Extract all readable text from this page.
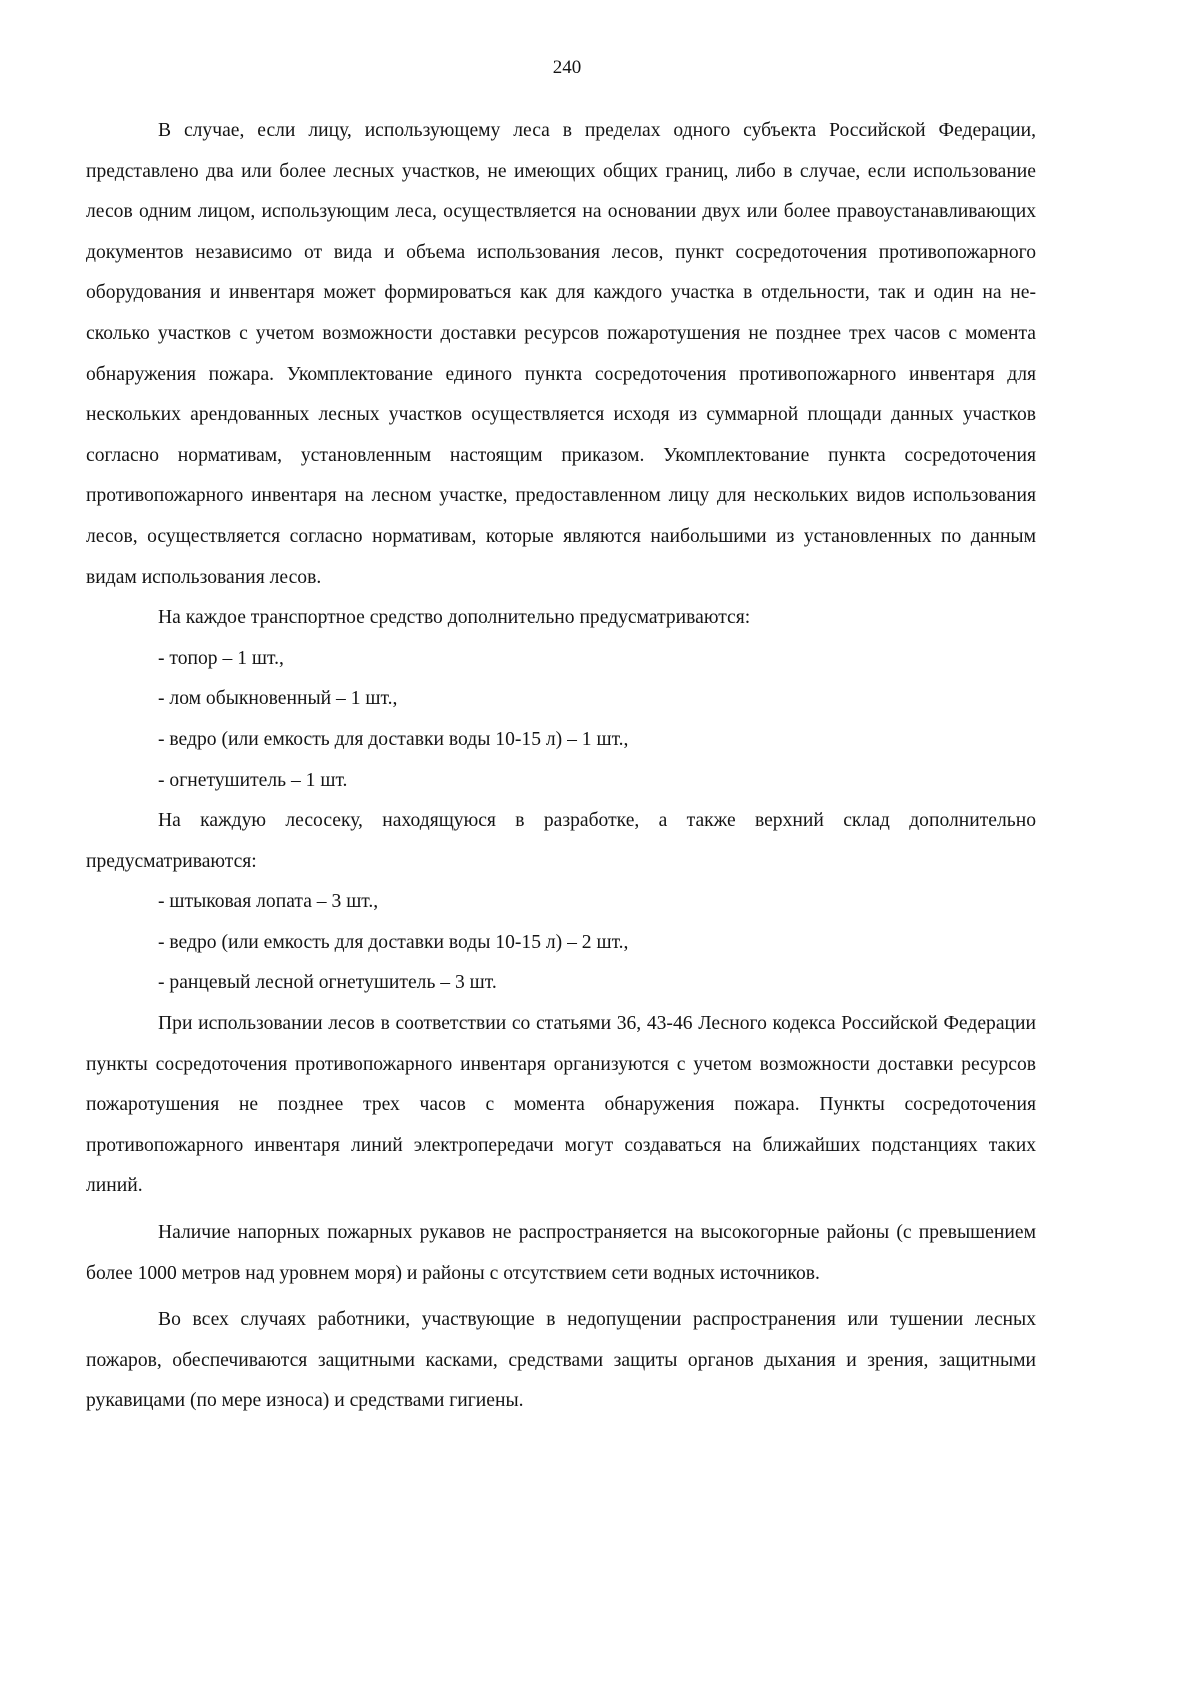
240

В случае, если лицу, использующему леса в пределах одного субъекта Российской Федерации, представлено два или более лесных участков, не имеющих общих границ, либо в случае, если использование лесов одним лицом, использующим леса, осуществляется на основании двух или более правоустанавливающих документов независимо от вида и объема использования лесов, пункт сосредоточения противопожарного оборудования и инвентаря может формироваться как для каждого участка в отдельности, так и один на несколько участков с учетом возможности доставки ресурсов пожаротушения не позднее трех часов с момента обнаружения пожара. Укомплектование единого пункта сосредоточения противопожарного инвентаря для нескольких арендованных лесных участков осуществляется исходя из суммарной площади данных участков согласно нормативам, установленным настоящим приказом. Укомплектование пункта сосредоточения противопожарного инвентаря на лесном участке, предоставленном лицу для нескольких видов использования лесов, осуществляется согласно нормативам, которые являются наибольшими из установленных по данным видам использования лесов.

На каждое транспортное средство дополнительно предусматриваются:

- топор – 1 шт.,

- лом обыкновенный – 1 шт.,

- ведро (или емкость для доставки воды 10-15 л) – 1 шт.,

- огнетушитель – 1 шт.

На каждую лесосеку, находящуюся в разработке, а также верхний склад дополнительно предусматриваются:

- штыковая лопата – 3 шт.,

- ведро (или емкость для доставки воды 10-15 л) – 2 шт.,

- ранцевый лесной огнетушитель – 3 шт.

При использовании лесов в соответствии со статьями 36, 43-46 Лесного кодекса Российской Федерации пункты сосредоточения противопожарного инвентаря организуются с учетом возможности доставки ресурсов пожаротушения не позднее трех часов с момента обнаружения пожара. Пункты сосредоточения противопожарного инвентаря линий электропередачи могут создаваться на ближайших подстанциях таких линий.

Наличие напорных пожарных рукавов не распространяется на высокогорные районы (с превышением более 1000 метров над уровнем моря) и районы с отсутствием сети водных источников.

Во всех случаях работники, участвующие в недопущении распространения или тушении лесных пожаров, обеспечиваются защитными касками, средствами защиты органов дыхания и зрения, защитными рукавицами (по мере износа) и средствами гигиены.
